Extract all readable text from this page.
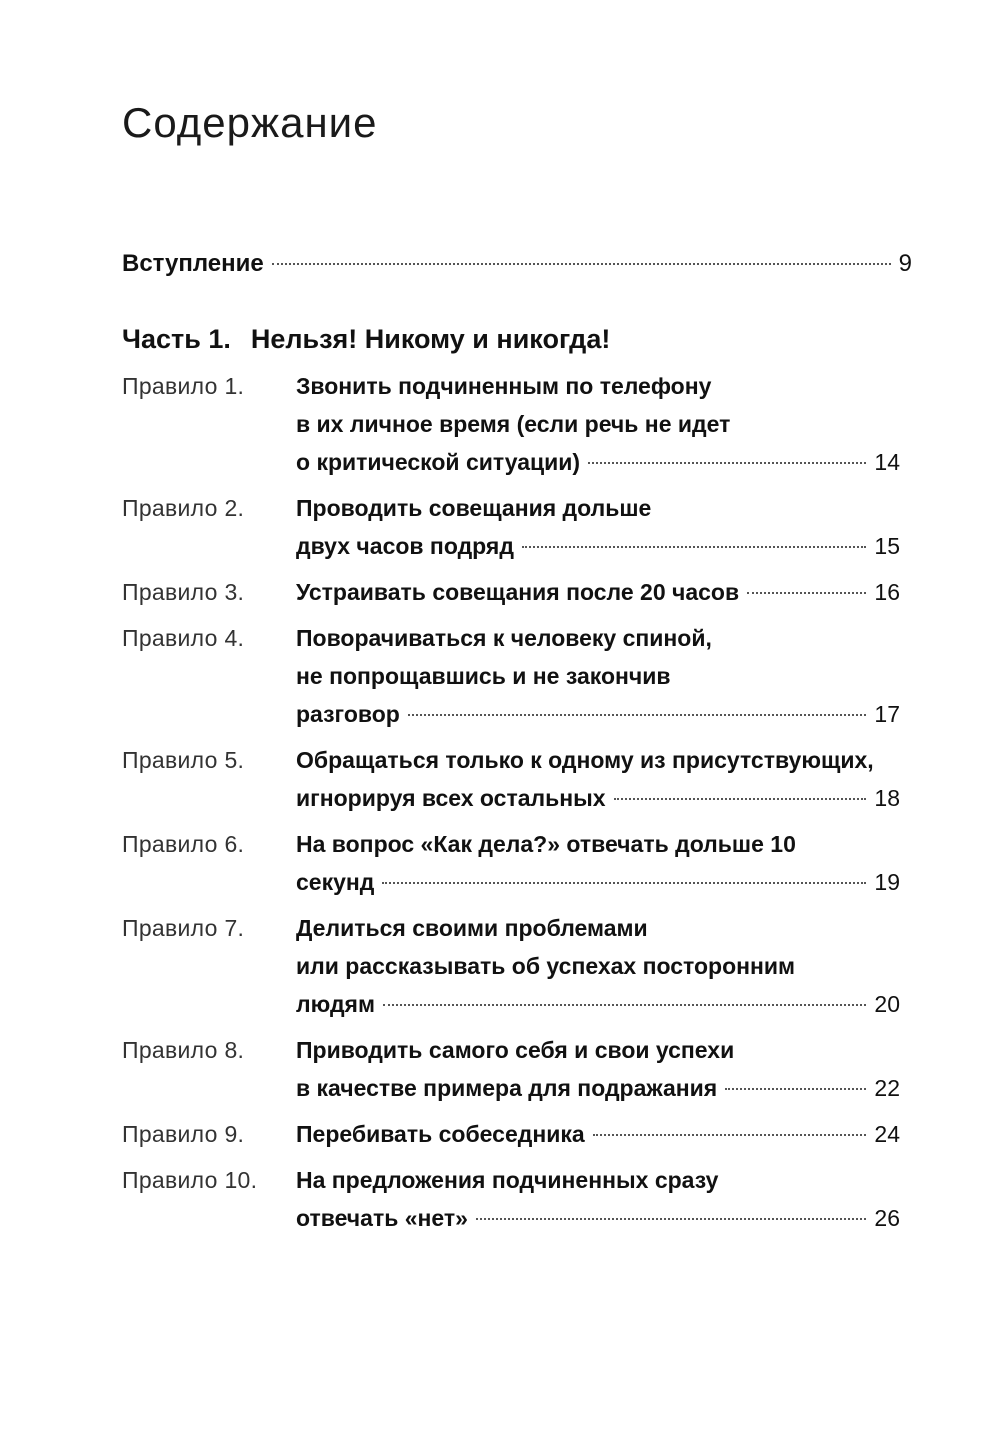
Содержание
Вступление	9
Часть 1. Нельзя! Никому и никогда!
Правило 1.	Звонить подчиненным по телефону
в их личное время (если речь не идет
о критической ситуации)	14
Правило 2.	Проводить совещания дольше
двух часов подряд	15
Правило 3.	Устраивать совещания после 20 часов	16
Правило 4.	Поворачиваться к человеку спиной,
не попрощавшись и не закончив
разговор	17
Правило 5.	Обращаться только к одному из присутствующих,
игнорируя всех остальных	18
Правило 6.	На вопрос «Как дела?» отвечать дольше 10
секунд	19
Правило 7.	Делиться своими проблемами
или рассказывать об успехах посторонним
людям	20
Правило 8.	Приводить самого себя и свои успехи
в качестве примера для подражания	22
Правило 9.	Перебивать собеседника	24
Правило 10.	На предложения подчиненных сразу
отвечать «нет»	26
